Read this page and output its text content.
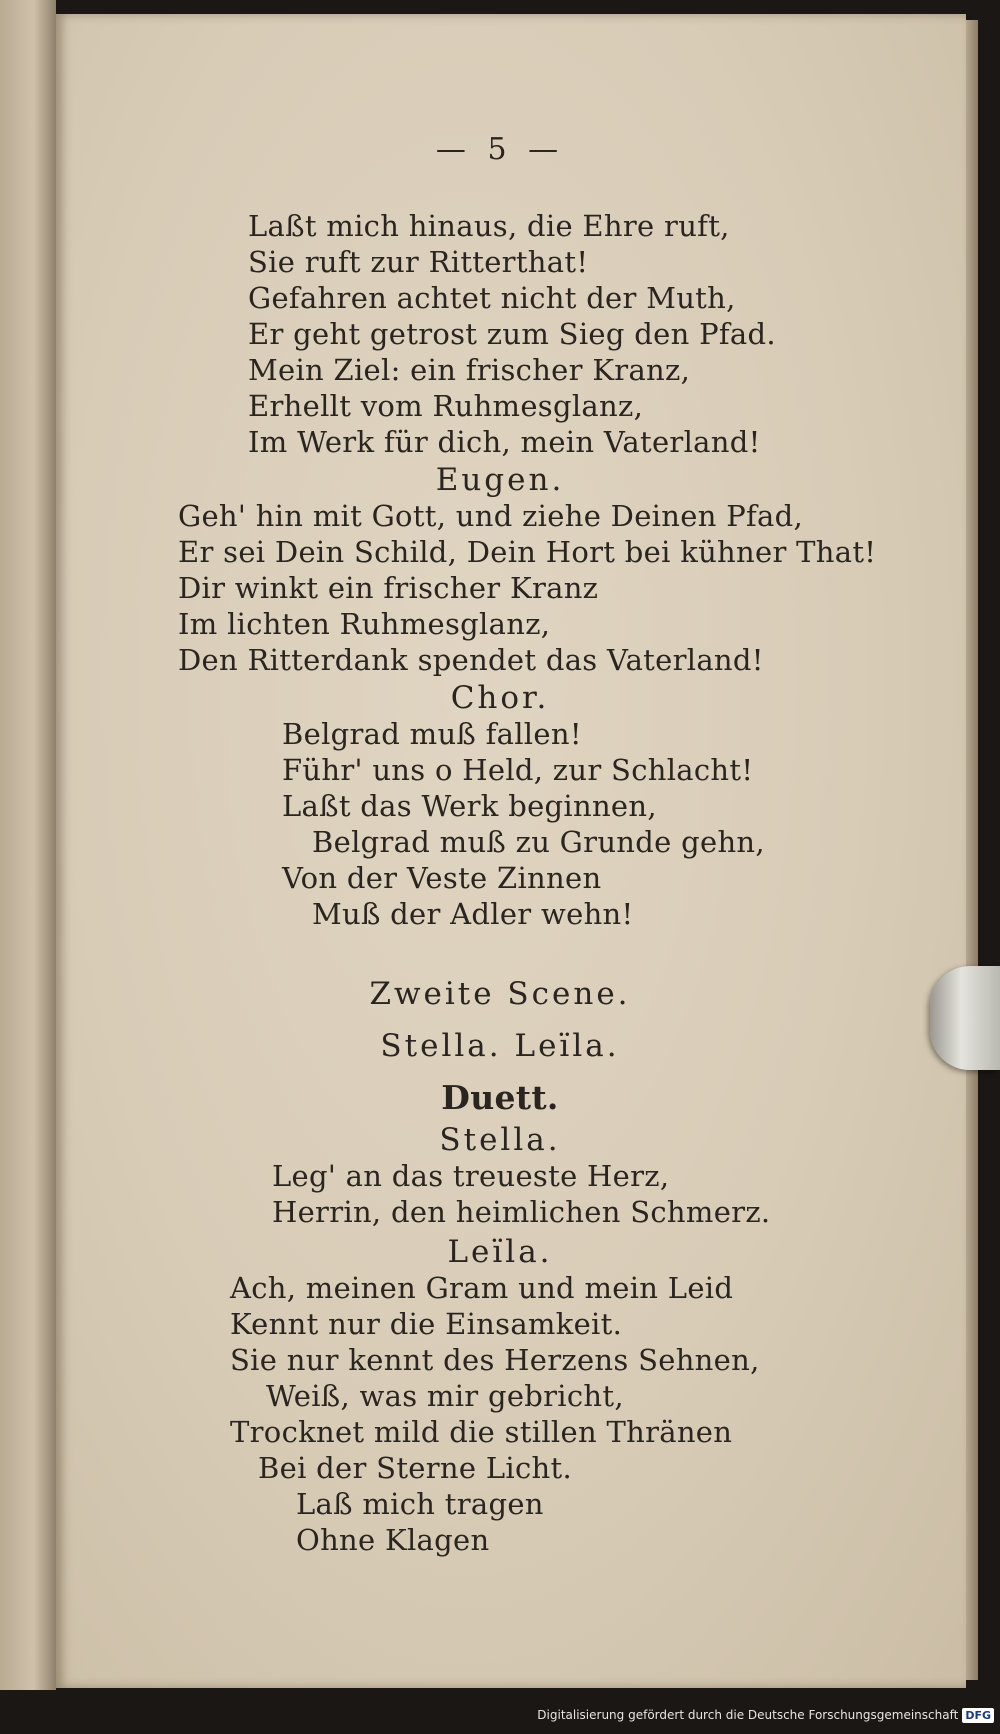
— 5 —
Laßt mich hinaus, die Ehre ruft,
Sie ruft zur Ritterthat!
Gefahren achtet nicht der Muth,
Er geht getrost zum Sieg den Pfad.
Mein Ziel: ein frischer Kranz,
Erhellt vom Ruhmesglanz,
Im Werk für dich, mein Vaterland!
Eugen.
Geh' hin mit Gott, und ziehe Deinen Pfad,
Er sei Dein Schild, Dein Hort bei kühner That!
Dir winkt ein frischer Kranz
Im lichten Ruhmesglanz,
Den Ritterdank spendet das Vaterland!
Chor.
Belgrad muß fallen!
Führ' uns o Held, zur Schlacht!
Laßt das Werk beginnen,
Belgrad muß zu Grunde gehn,
Von der Veste Zinnen
Muß der Adler wehn!
Zweite Scene.
Stella. Leïla.
Duett.
Stella.
Leg' an das treueste Herz,
Herrin, den heimlichen Schmerz.
Leïla.
Ach, meinen Gram und mein Leid
Kennt nur die Einsamkeit.
Sie nur kennt des Herzens Sehnen,
Weiß, was mir gebricht,
Trocknet mild die stillen Thränen
Bei der Sterne Licht.
Laß mich tragen
Ohne Klagen
Digitalisierung gefördert durch die Deutsche Forschungsgemeinschaft DFG
